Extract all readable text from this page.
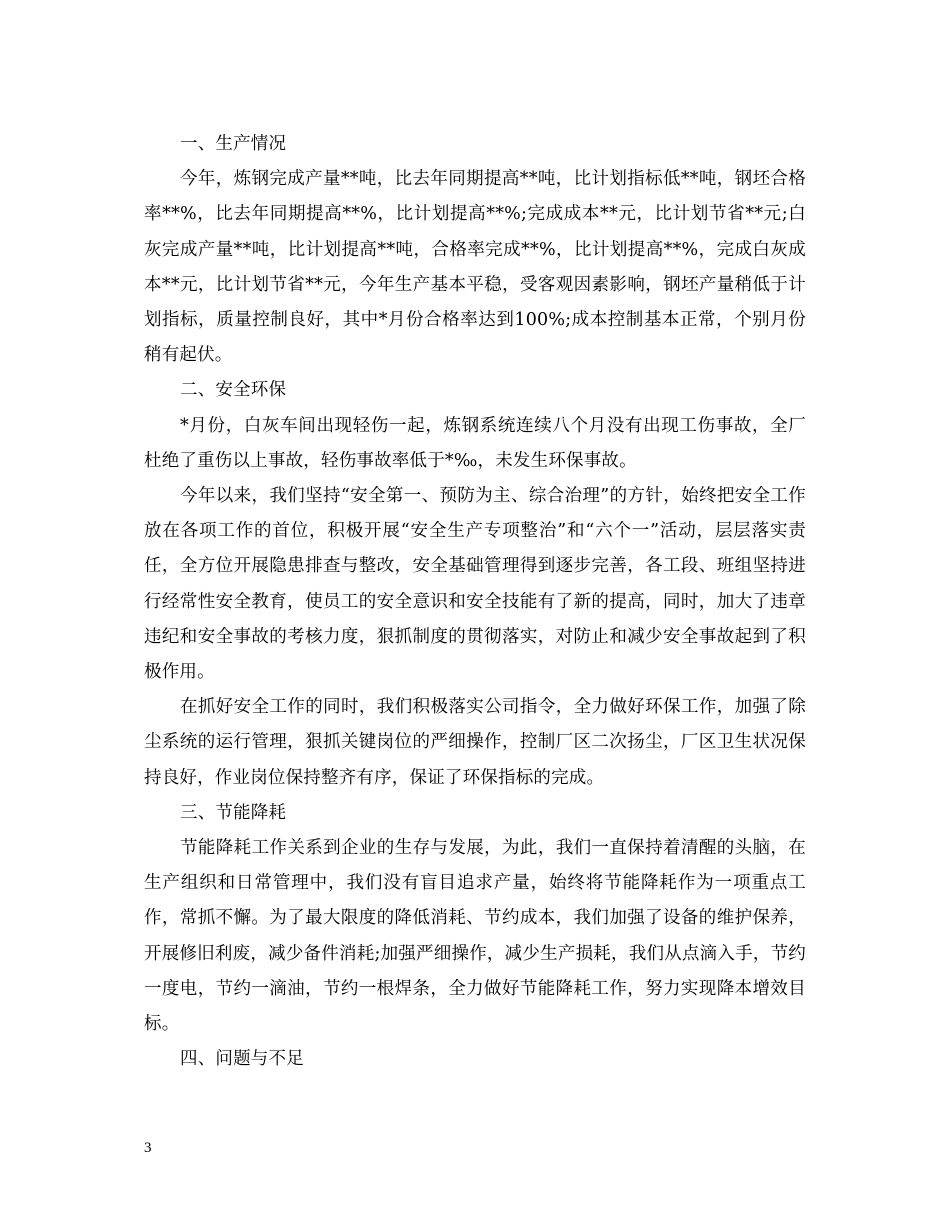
一、生产情况

今年，炼钢完成产量**吨，比去年同期提高**吨，比计划指标低**吨，钢坯合格率**%，比去年同期提高**%，比计划提高**%;完成成本**元，比计划节省**元;白灰完成产量**吨，比计划提高**吨，合格率完成**%，比计划提高**%，完成白灰成本**元，比计划节省**元，今年生产基本平稳，受客观因素影响，钢坯产量稍低于计划指标，质量控制良好，其中*月份合格率达到100%;成本控制基本正常，个别月份稍有起伏。

二、安全环保

*月份，白灰车间出现轻伤一起，炼钢系统连续八个月没有出现工伤事故，全厂杜绝了重伤以上事故，轻伤事故率低于*‰，未发生环保事故。

今年以来，我们坚持“安全第一、预防为主、综合治理”的方针，始终把安全工作放在各项工作的首位，积极开展“安全生产专项整治”和“六个一”活动，层层落实责任，全方位开展隐患排查与整改，安全基础管理得到逐步完善，各工段、班组坚持进行经常性安全教育，使员工的安全意识和安全技能有了新的提高，同时，加大了违章违纪和安全事故的考核力度，狠抓制度的贯彻落实，对防止和减少安全事故起到了积极作用。

在抓好安全工作的同时，我们积极落实公司指令，全力做好环保工作，加强了除尘系统的运行管理，狠抓关键岗位的严细操作，控制厂区二次扬尘，厂区卫生状况保持良好，作业岗位保持整齐有序，保证了环保指标的完成。

三、节能降耗

节能降耗工作关系到企业的生存与发展，为此，我们一直保持着清醒的头脑，在生产组织和日常管理中，我们没有盲目追求产量，始终将节能降耗作为一项重点工作，常抓不懈。为了最大限度的降低消耗、节约成本，我们加强了设备的维护保养，开展修旧利废，减少备件消耗;加强严细操作，减少生产损耗，我们从点滴入手，节约一度电，节约一滴油，节约一根焊条，全力做好节能降耗工作，努力实现降本增效目标。

四、问题与不足

3
